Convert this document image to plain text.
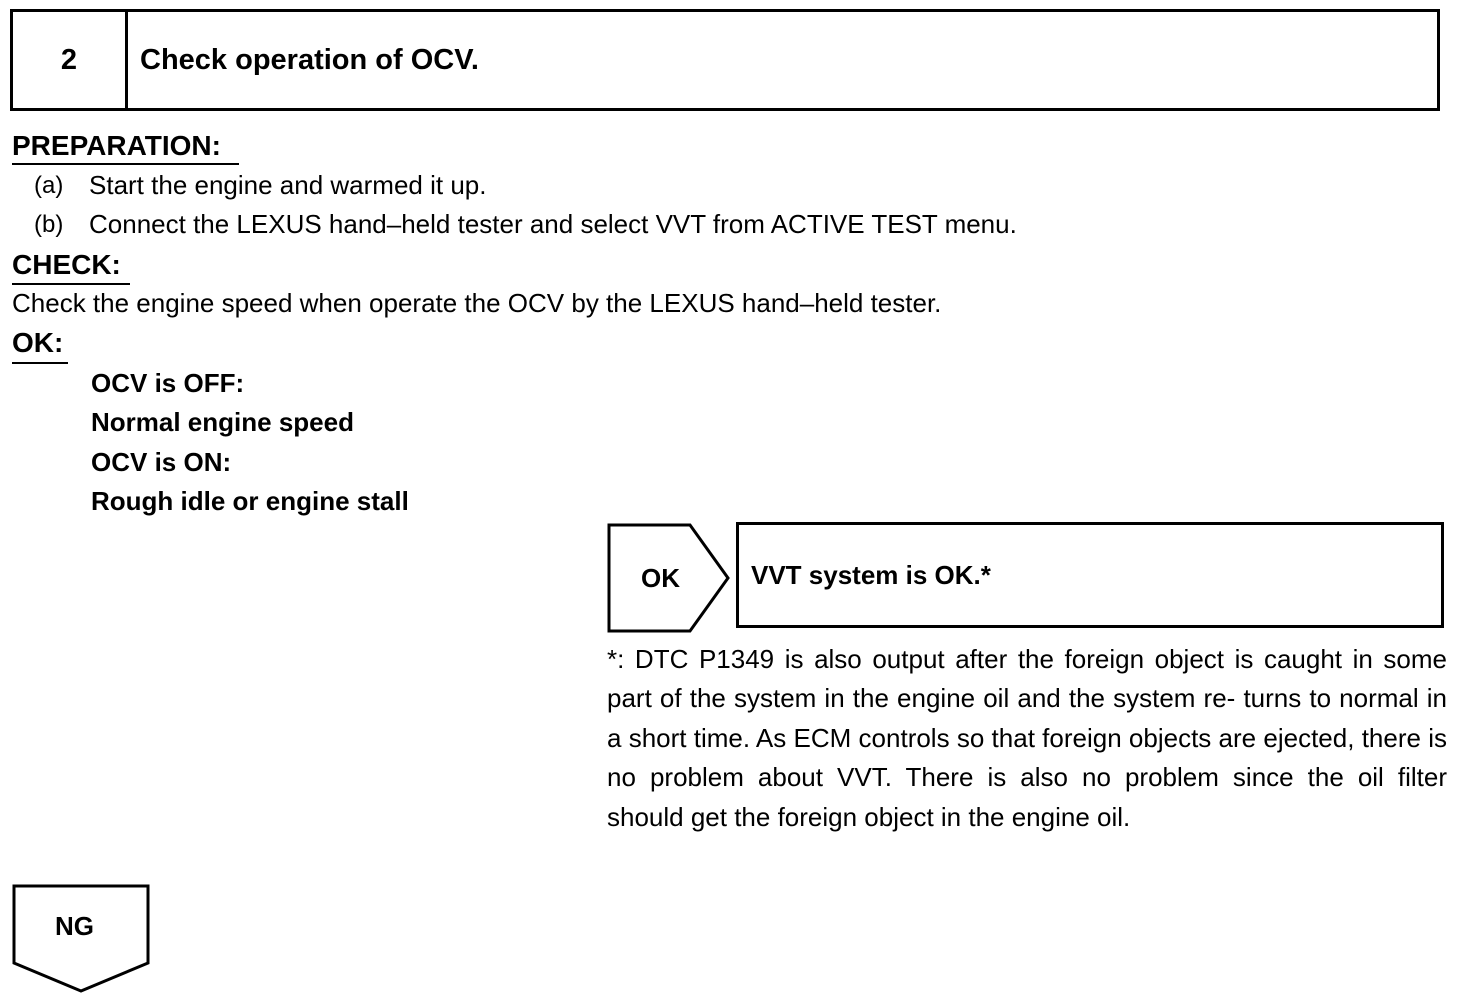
2	Check operation of OCV.
PREPARATION:
(a) Start the engine and warmed it up.
(b) Connect the LEXUS hand–held tester and select VVT from ACTIVE TEST menu.
CHECK:
Check the engine speed when operate the OCV by the LEXUS hand–held tester.
OK:
OCV is OFF:
Normal engine speed
OCV is ON:
Rough idle or engine stall
OK	VVT system is OK.*

*: DTC P1349 is also output after the foreign object is caught in some part of the system in the engine oil and the system re- turns to normal in a short time. As ECM controls so that foreign objects are ejected, there is no problem about VVT. There is also no problem since the oil filter should get the foreign object in the engine oil.

NG
